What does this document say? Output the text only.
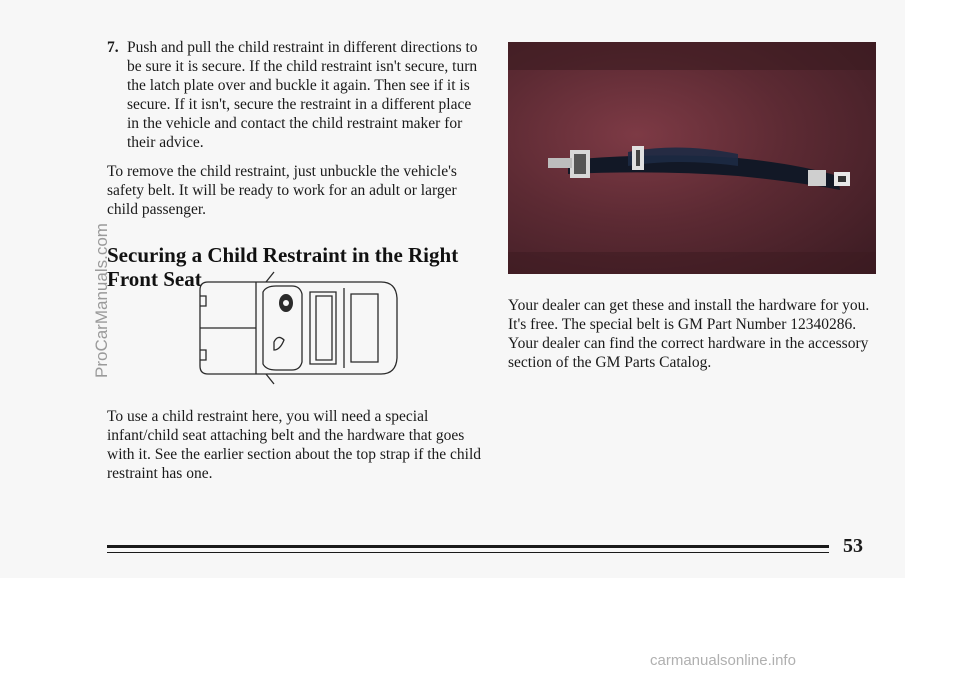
7. Push and pull the child restraint in different directions to be sure it is secure. If the child restraint isn't secure, turn the latch plate over and buckle it again. Then see if it is secure. If it isn't, secure the restraint in a different place in the vehicle and contact the child restraint maker for their advice.

To remove the child restraint, just unbuckle the vehicle's safety belt. It will be ready to work for an adult or larger child passenger.

Securing a Child Restraint in the Right Front Seat

To use a child restraint here, you will need a special infant/child seat attaching belt and the hardware that goes with it. See the earlier section about the top strap if the child restraint has one.

Your dealer can get these and install the hardware for you. It's free. The special belt is GM Part Number 12340286. Your dealer can find the correct hardware in the accessory section of the GM Parts Catalog.

53
ProCarManuals.com
carmanualsonline.info
